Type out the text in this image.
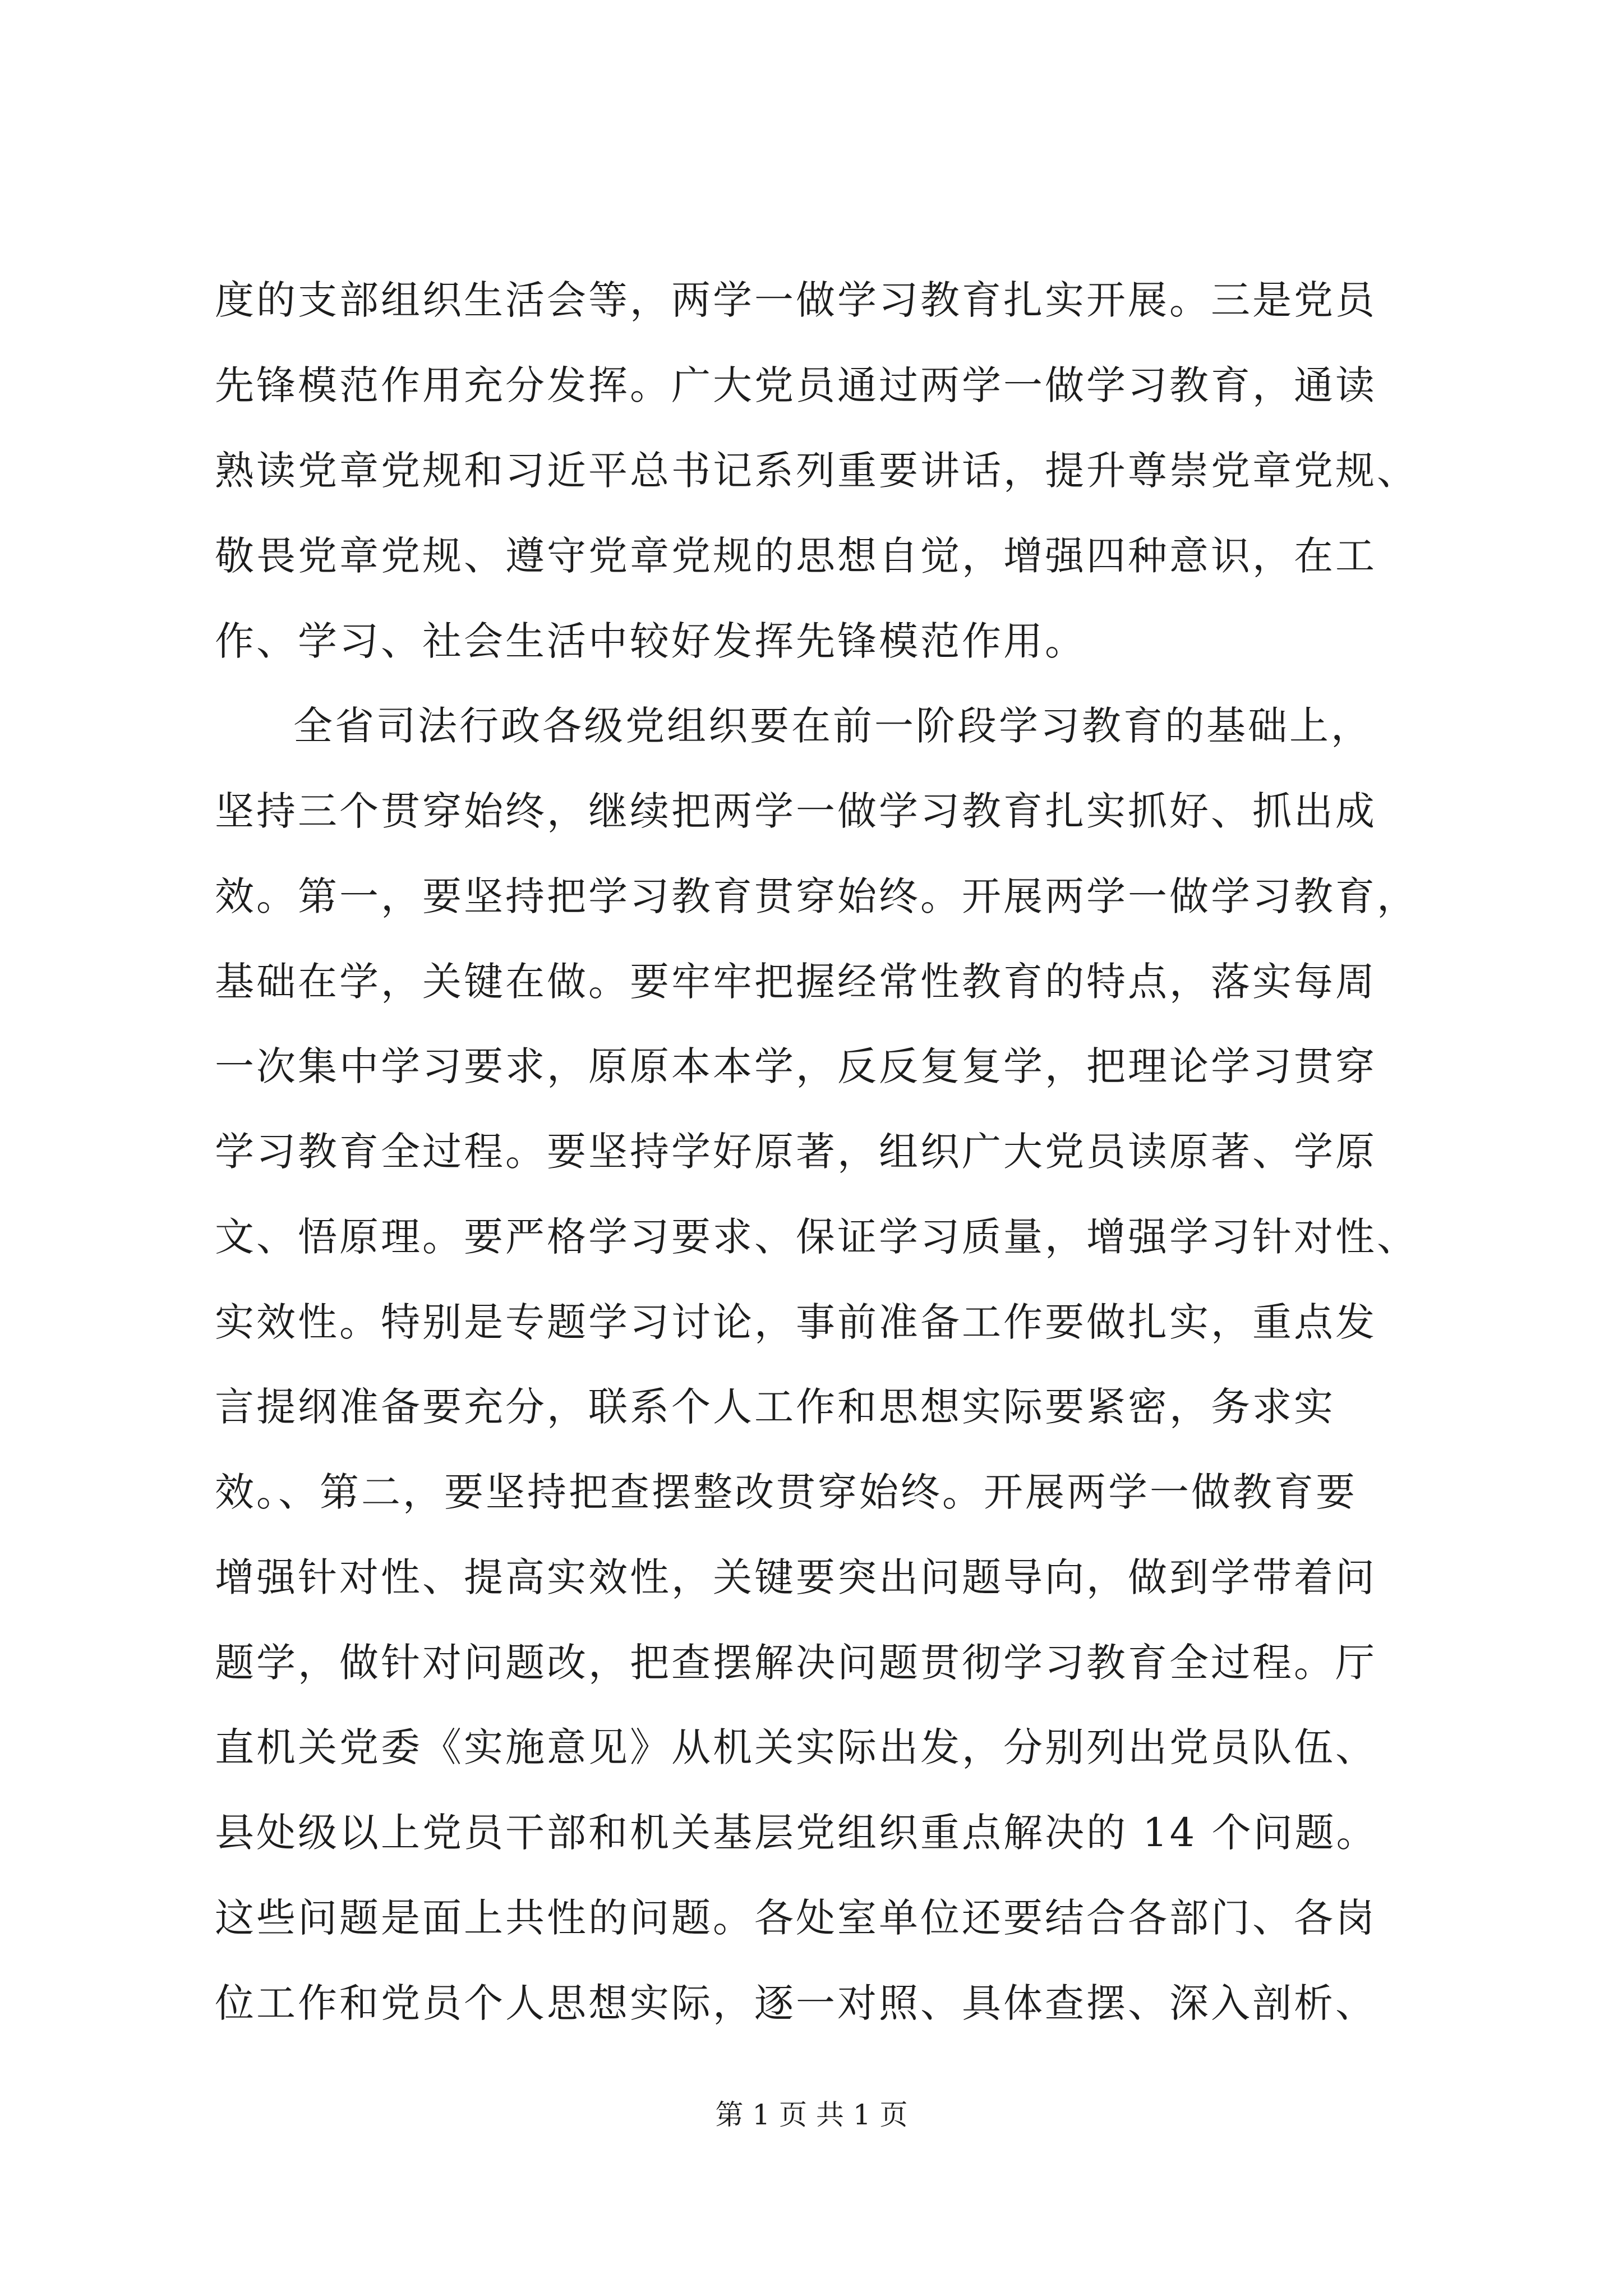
度的支部组织生活会等，两学一做学习教育扎实开展。三是党员
先锋模范作用充分发挥。广大党员通过两学一做学习教育，通读
熟读党章党规和习近平总书记系列重要讲话，提升尊崇党章党规、
敬畏党章党规、遵守党章党规的思想自觉，增强四种意识，在工
作、学习、社会生活中较好发挥先锋模范作用。
全省司法行政各级党组织要在前一阶段学习教育的基础上，
坚持三个贯穿始终，继续把两学一做学习教育扎实抓好、抓出成
效。第一，要坚持把学习教育贯穿始终。开展两学一做学习教育，
基础在学，关键在做。要牢牢把握经常性教育的特点，落实每周
一次集中学习要求，原原本本学，反反复复学，把理论学习贯穿
学习教育全过程。要坚持学好原著，组织广大党员读原著、学原
文、悟原理。要严格学习要求、保证学习质量，增强学习针对性、
实效性。特别是专题学习讨论，事前准备工作要做扎实，重点发
言提纲准备要充分，联系个人工作和思想实际要紧密，务求实
效。、第二，要坚持把查摆整改贯穿始终。开展两学一做教育要
增强针对性、提高实效性，关键要突出问题导向，做到学带着问
题学，做针对问题改，把查摆解决问题贯彻学习教育全过程。厅
直机关党委《实施意见》从机关实际出发，分别列出党员队伍、
县处级以上党员干部和机关基层党组织重点解决的 14 个问题。
这些问题是面上共性的问题。各处室单位还要结合各部门、各岗
位工作和党员个人思想实际，逐一对照、具体查摆、深入剖析、
第 1 页 共 1 页
